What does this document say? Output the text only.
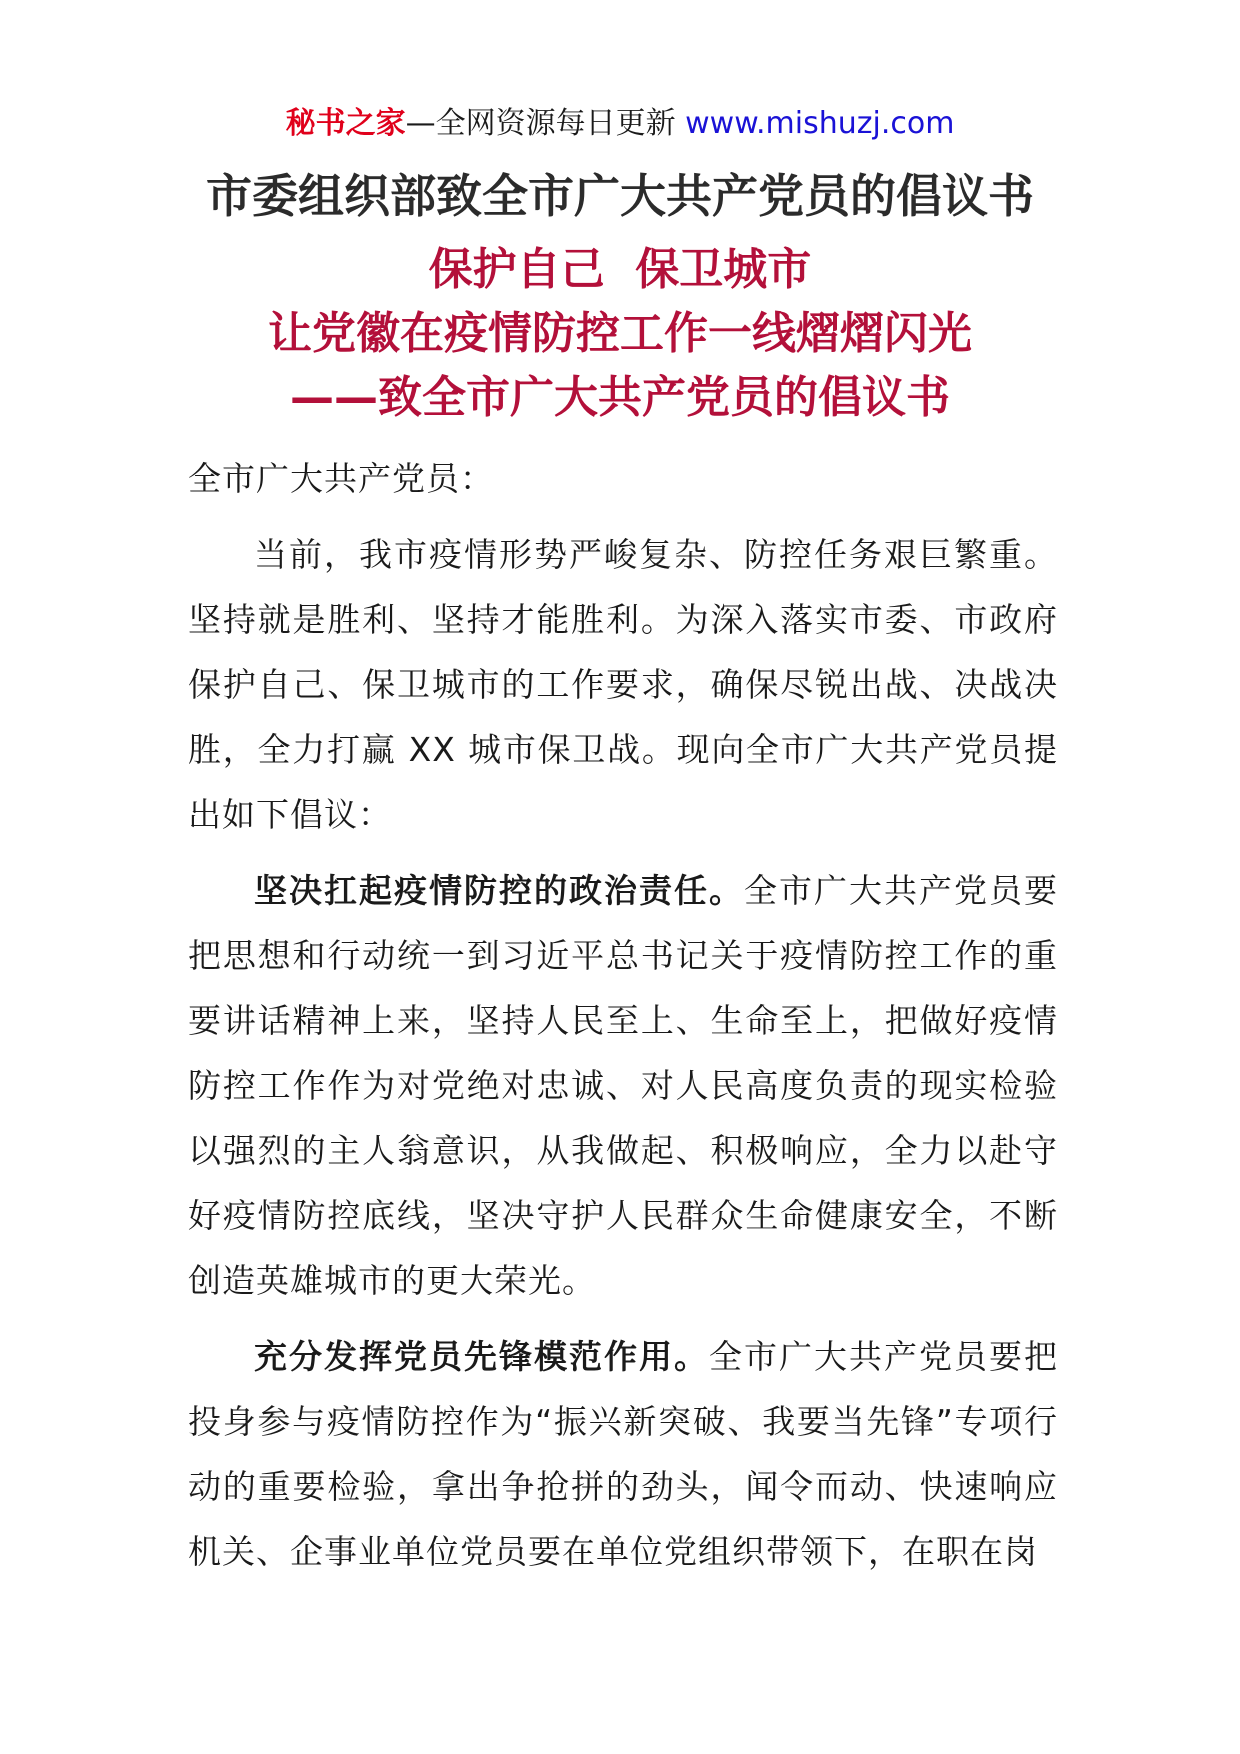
秘书之家—全网资源每日更新 www.mishuzj.com
市委组织部致全市广大共产党员的倡议书

保护自己  保卫城市

让党徽在疫情防控工作一线熠熠闪光

——致全市广大共产党员的倡议书

全市广大共产党员：

当前，我市疫情形势严峻复杂、防控任务艰巨繁重。坚持就是胜利、坚持才能胜利。为深入落实市委、市政府保护自己、保卫城市的工作要求，确保尽锐出战、决战决胜，全力打赢 XX 城市保卫战。现向全市广大共产党员提出如下倡议：

坚决扛起疫情防控的政治责任。全市广大共产党员要把思想和行动统一到习近平总书记关于疫情防控工作的重要讲话精神上来，坚持人民至上、生命至上，把做好疫情防控工作作为对党绝对忠诚、对人民高度负责的现实检验以强烈的主人翁意识，从我做起、积极响应，全力以赴守好疫情防控底线，坚决守护人民群众生命健康安全，不断创造英雄城市的更大荣光。

充分发挥党员先锋模范作用。全市广大共产党员要把投身参与疫情防控作为“振兴新突破、我要当先锋”专项行动的重要检验，拿出争抢拼的劲头，闻令而动、快速响应机关、企事业单位党员要在单位党组织带领下，在职在岗
